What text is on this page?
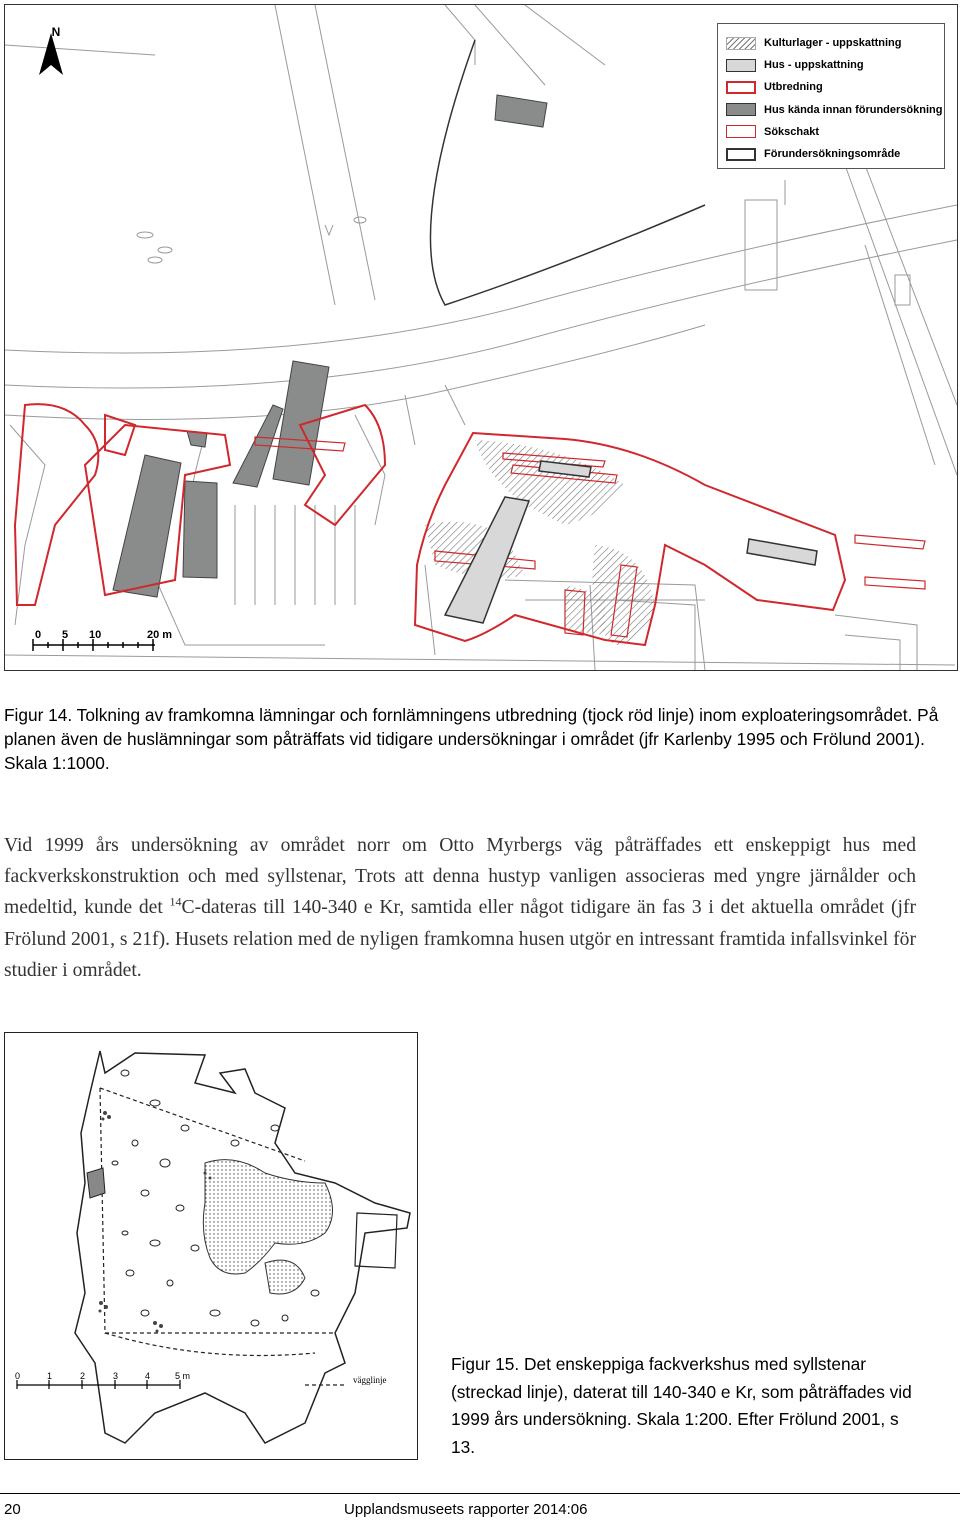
N
0 5 10	20 m
Kulturlager - uppskattning
Hus - uppskattning
Utbredning
Hus kända innan förundersökning
Sökschakt
Förundersökningsområde

Figur 14. Tolkning av framkomna lämningar och fornlämningens utbredning (tjock röd linje) inom exploateringsområdet. På planen även de huslämningar som påträffats vid tidigare undersökningar i området (jfr Karlenby 1995 och Frölund 2001). Skala 1:1000.

Vid 1999 års undersökning av området norr om Otto Myrbergs väg påträffades ett enskeppigt hus med fackverkskonstruktion och med syllstenar, Trots att denna hustyp vanligen associeras med yngre järnålder och medeltid, kunde det $^{14}$C-dateras till 140-340 e Kr, samtida eller något tidigare än fas 3 i det aktuella området (jfr Frölund 2001, s 21f). Husets relation med de nyligen framkomna husen utgör en intressant framtida infallsvinkel för studier i området.

0	1	2	3	4	5 m	vägglinje

Figur 15. Det enskeppiga fackverkshus med syllstenar (streckad linje), daterat till 140-340 e Kr, som påträffades vid 1999 års undersökning. Skala 1:200. Efter Frölund 2001, s 13.

20	Upplandsmuseets rapporter 2014:06
